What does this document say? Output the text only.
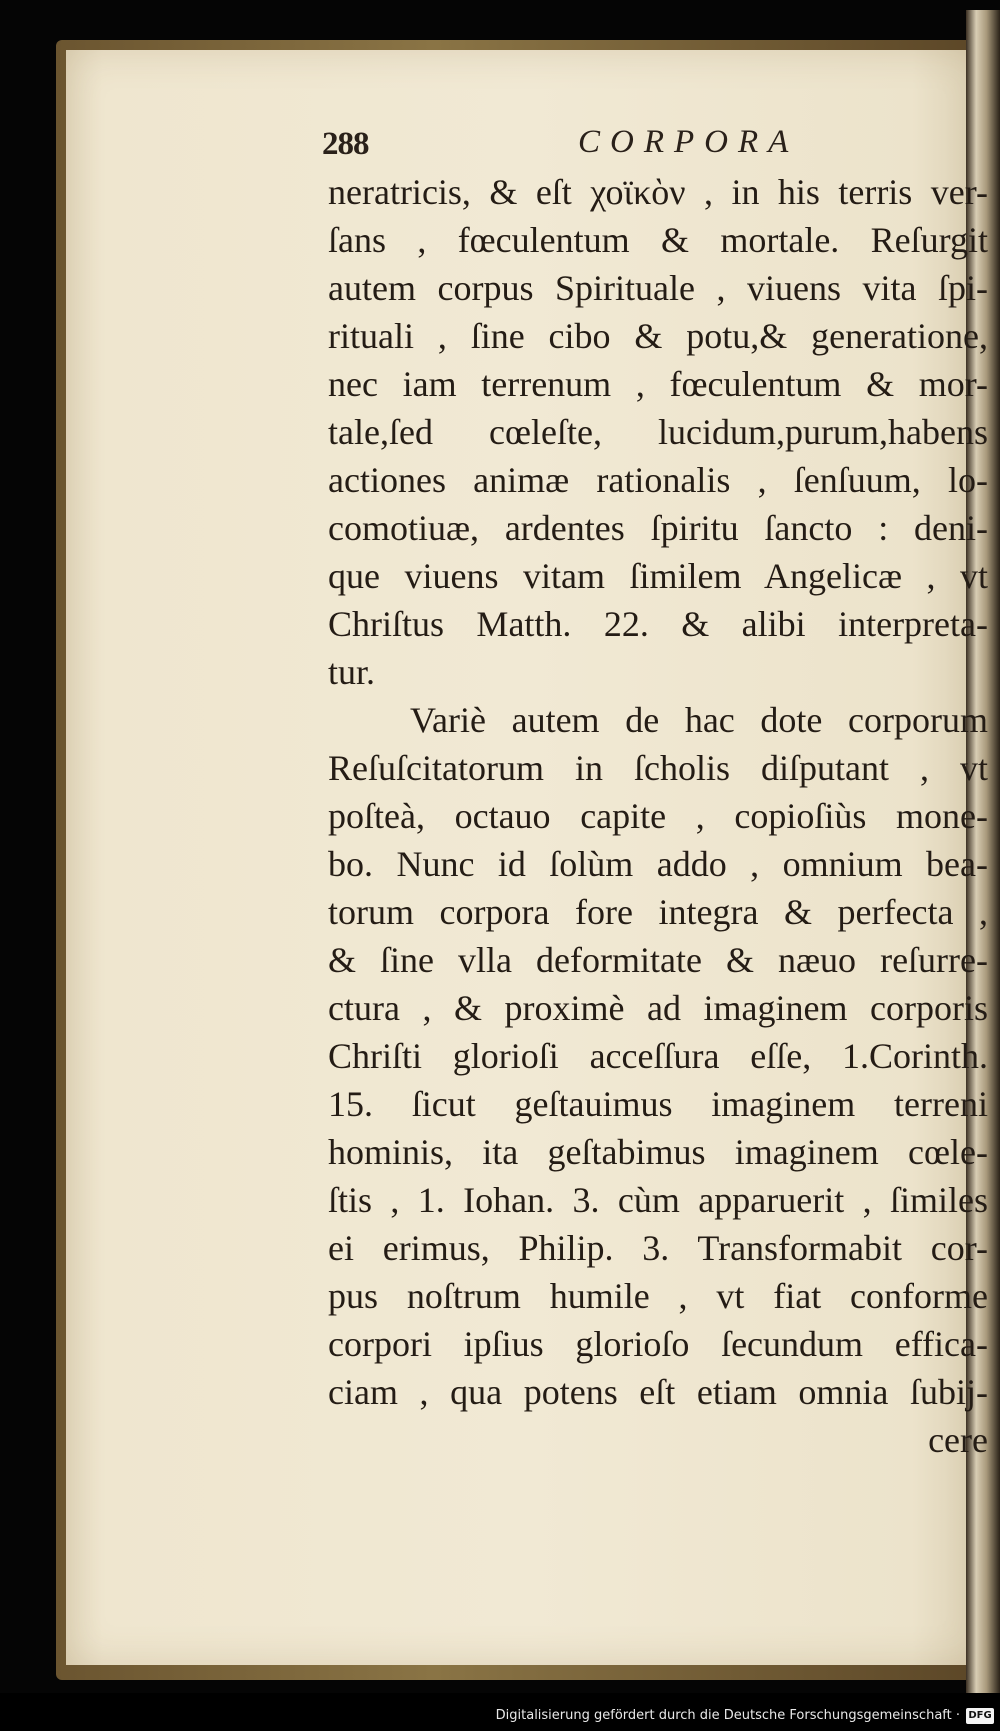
288	CORPORA
neratricis, & eſt χοϊκὸν , in his terris ver-
ſans , fœculentum & mortale. Reſurgit
autem corpus Spirituale , viuens vita ſpi-
rituali , ſine cibo & potu,& generatione,
nec iam terrenum , fœculentum & mor-
tale,ſed cœleſte, lucidum,purum,habens
actiones animæ rationalis , ſenſuum, lo-
comotiuæ, ardentes ſpiritu ſancto : deni-
que viuens vitam ſimilem Angelicæ , vt
Chriſtus Matth. 22. & alibi interpreta-
tur.
Variè autem de hac dote corporum
Reſuſcitatorum in ſcholis diſputant , vt
poſteà, octauo capite , copioſiùs mone-
bo. Nunc id ſolùm addo , omnium bea-
torum corpora fore integra & perfecta ,
& ſine vlla deformitate & næuo reſurre-
ctura , & proximè ad imaginem corporis
Chriſti glorioſi acceſſura eſſe, 1.Corinth.
15. ſicut geſtauimus imaginem terreni
hominis, ita geſtabimus imaginem cœle-
ſtis , 1. Iohan. 3. cùm apparuerit , ſimiles
ei erimus, Philip. 3. Transformabit cor-
pus noſtrum humile , vt fiat conforme
corpori ipſius glorioſo ſecundum effica-
ciam , qua potens eſt etiam omnia ſubij-
cere
Digitalisierung gefördert durch die Deutsche Forschungsgemeinschaft · DFG
